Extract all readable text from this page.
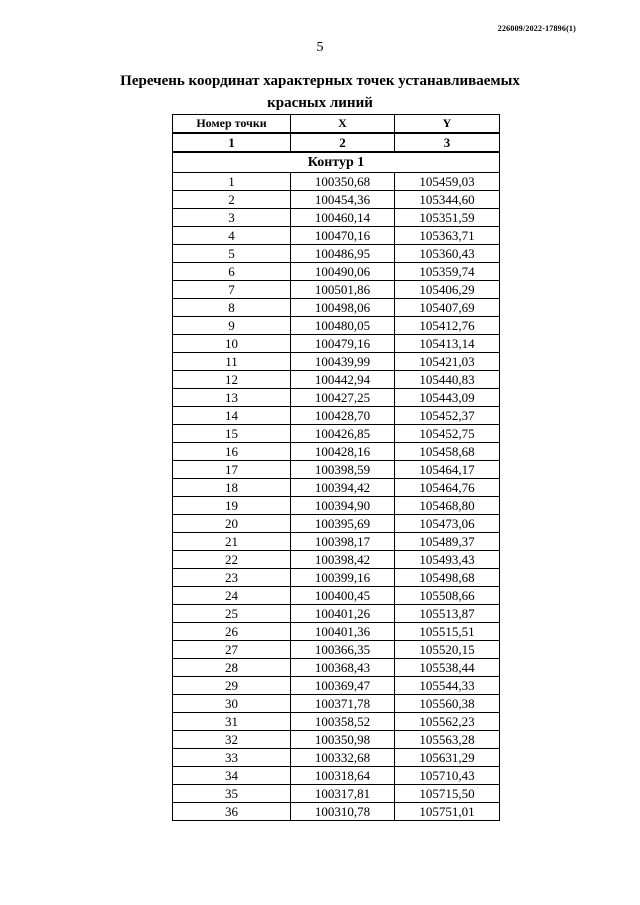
226009/2022-17896(1)
5
Перечень координат характерных точек устанавливаемых
красных линий
Номер точки	X	Y
1	2	3
Контур 1		
1	100350,68	105459,03
2	100454,36	105344,60
3	100460,14	105351,59
4	100470,16	105363,71
5	100486,95	105360,43
6	100490,06	105359,74
7	100501,86	105406,29
8	100498,06	105407,69
9	100480,05	105412,76
10	100479,16	105413,14
11	100439,99	105421,03
12	100442,94	105440,83
13	100427,25	105443,09
14	100428,70	105452,37
15	100426,85	105452,75
16	100428,16	105458,68
17	100398,59	105464,17
18	100394,42	105464,76
19	100394,90	105468,80
20	100395,69	105473,06
21	100398,17	105489,37
22	100398,42	105493,43
23	100399,16	105498,68
24	100400,45	105508,66
25	100401,26	105513,87
26	100401,36	105515,51
27	100366,35	105520,15
28	100368,43	105538,44
29	100369,47	105544,33
30	100371,78	105560,38
31	100358,52	105562,23
32	100350,98	105563,28
33	100332,68	105631,29
34	100318,64	105710,43
35	100317,81	105715,50
36	100310,78	105751,01
